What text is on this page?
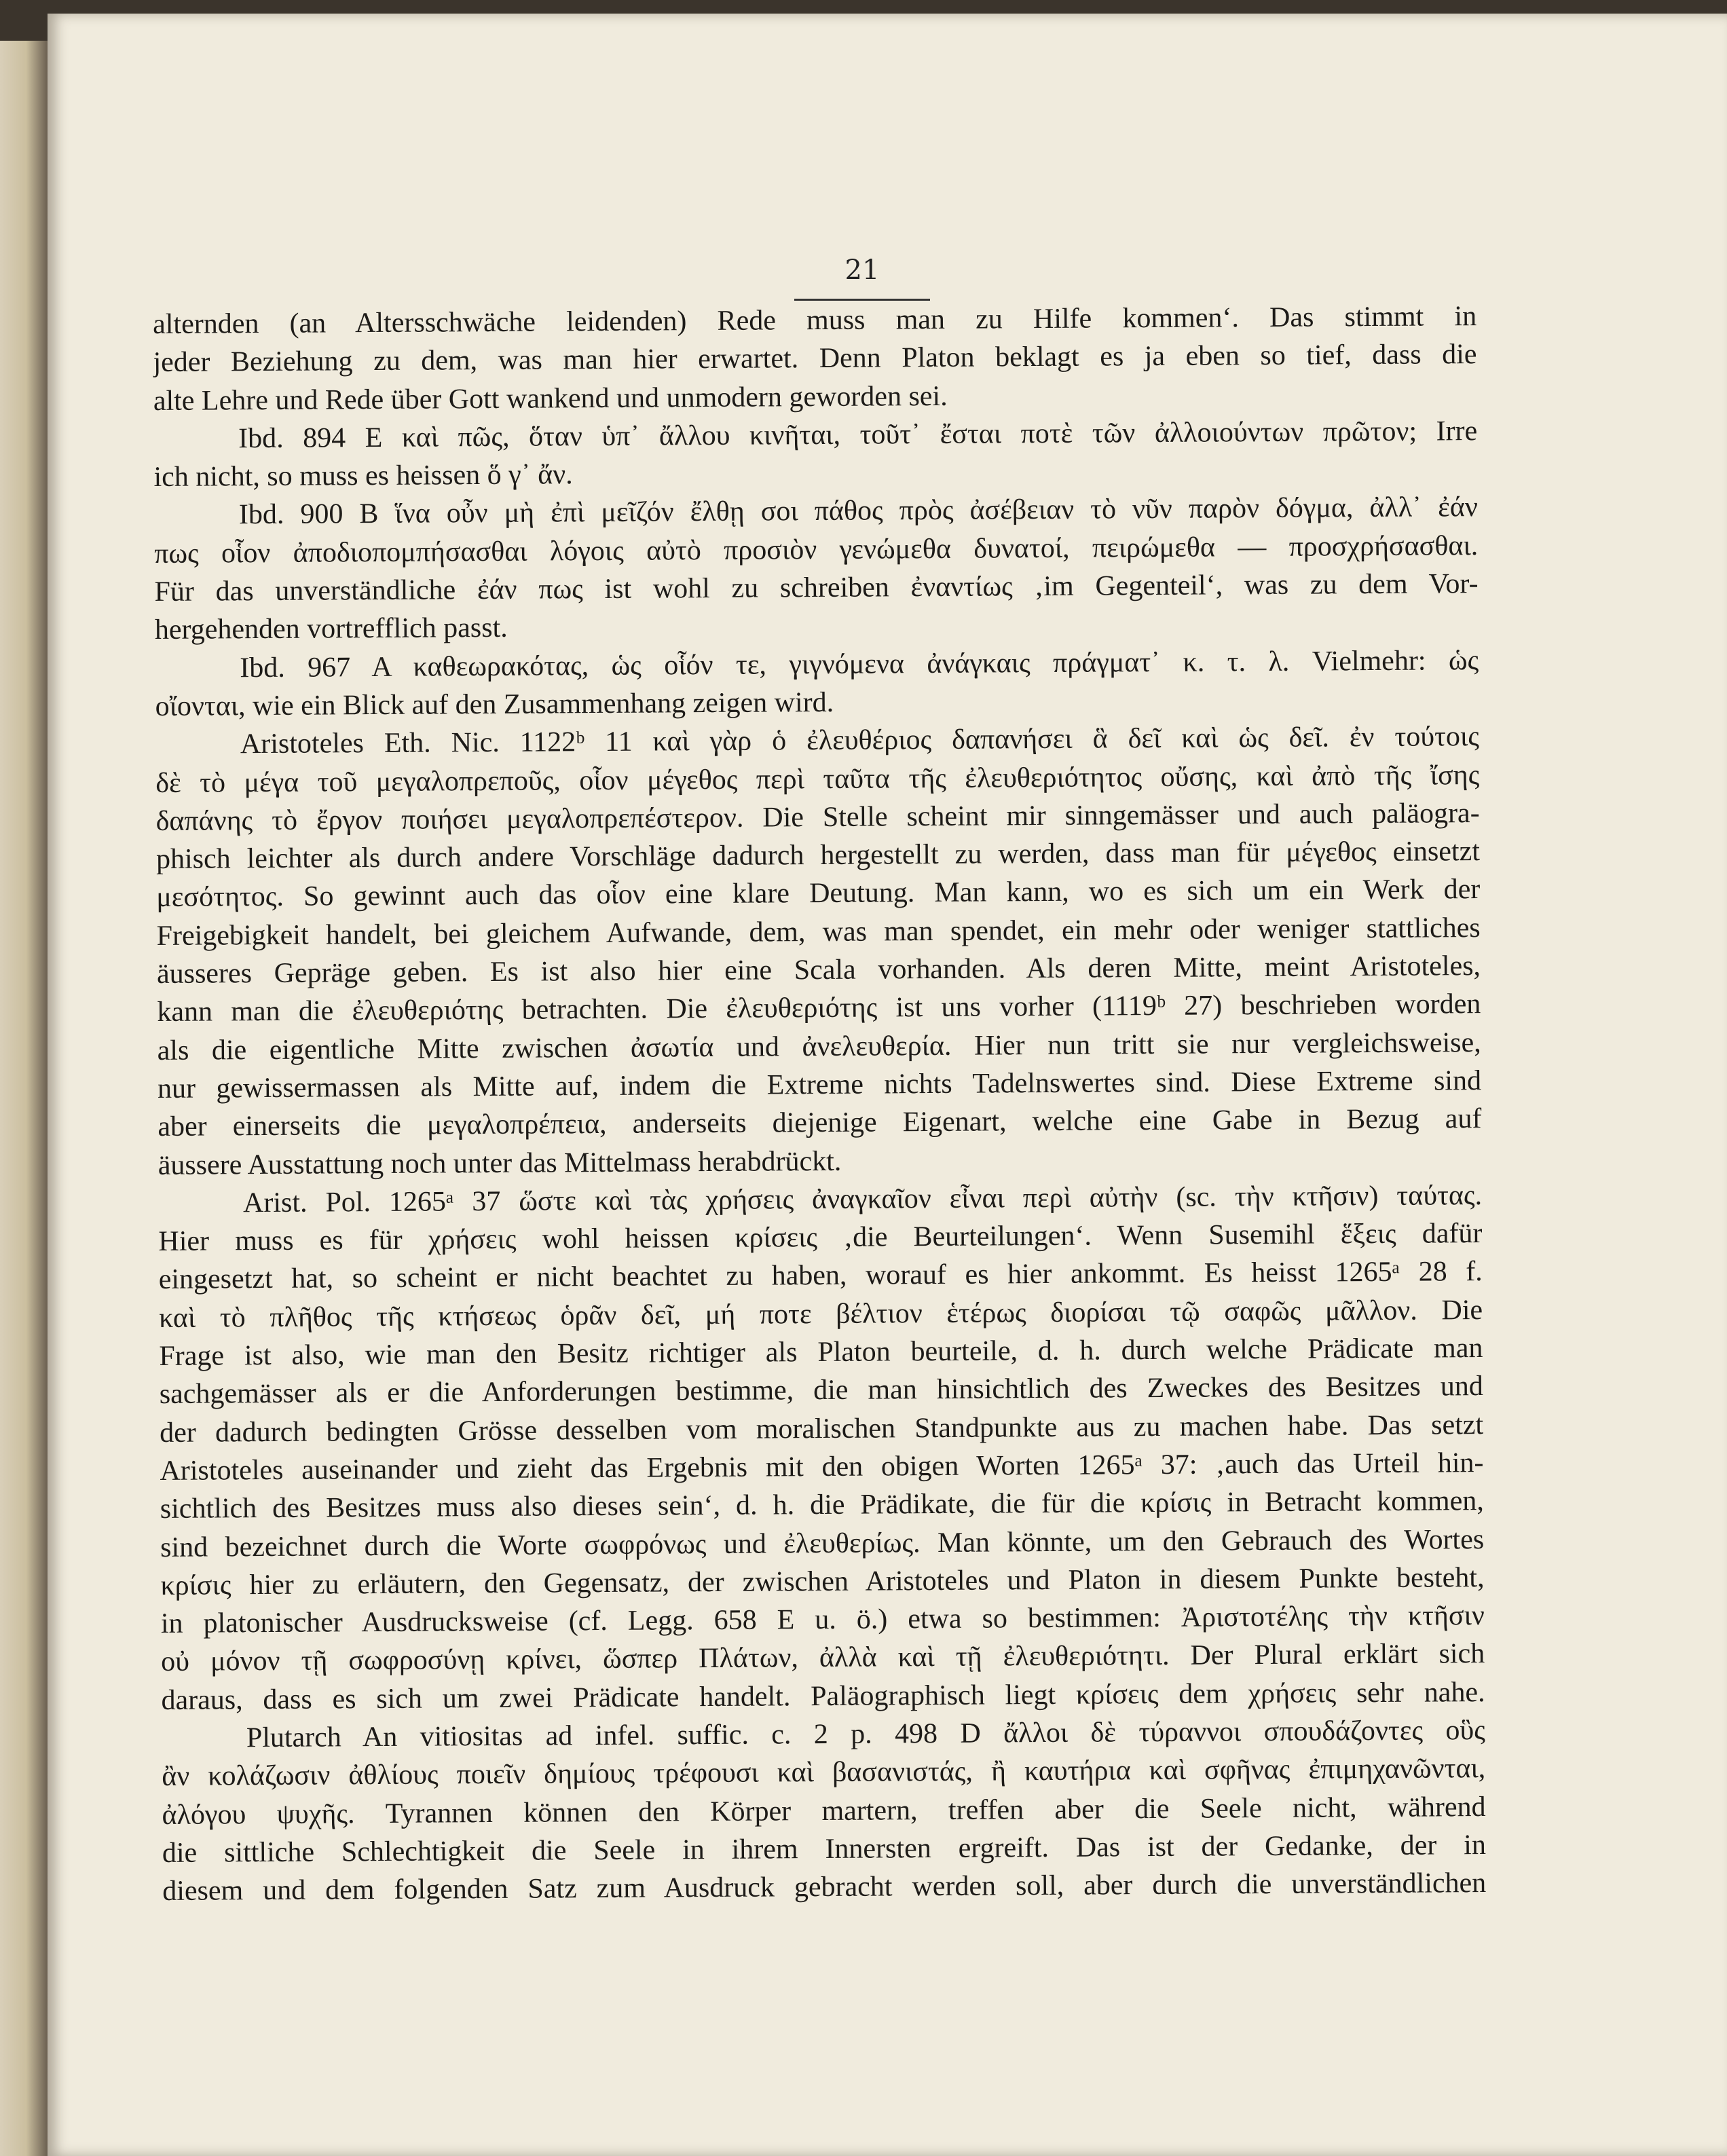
21
alternden (an Altersschwäche leidenden) Rede muss man zu Hilfe kommen‘. Das stimmt in
jeder Beziehung zu dem, was man hier erwartet. Denn Platon beklagt es ja eben so tief, dass die
alte Lehre und Rede über Gott wankend und unmodern geworden sei.
Ibd. 894 E καὶ πῶς, ὅταν ὑπ᾽ ἄλλου κινῆται, τοῦτ᾽ ἔσται ποτὲ τῶν ἀλλοιούντων πρῶτον; Irre
ich nicht, so muss es heissen ὅ γ᾽ ἄν.
Ibd. 900 B ἵνα οὖν μὴ ἐπὶ μεῖζόν ἔλθῃ σοι πάθος πρὸς ἀσέβειαν τὸ νῦν παρὸν δόγμα, ἀλλ᾽ ἐάν
πως οἷον ἀποδιοπομπήσασθαι λόγοις αὐτὸ προσιὸν γενώμεθα δυνατοί, πειρώμεθα — προσχρήσασθαι.
Für das unverständliche ἐάν πως ist wohl zu schreiben ἐναντίως ‚im Gegenteil‘, was zu dem Vor-
hergehenden vortrefflich passt.
Ibd. 967 A καθεωρακότας, ὡς οἷόν τε, γιγνόμενα ἀνάγκαις πράγματ᾽ κ. τ. λ. Vielmehr: ὡς
οἴονται, wie ein Blick auf den Zusammenhang zeigen wird.
Aristoteles Eth. Nic. 1122ᵇ 11 καὶ γὰρ ὁ ἐλευθέριος δαπανήσει ἃ δεῖ καὶ ὡς δεῖ. ἐν τούτοις
δὲ τὸ μέγα τοῦ μεγαλοπρεποῦς, οἷον μέγεθος περὶ ταῦτα τῆς ἐλευθεριότητος οὔσης, καὶ ἀπὸ τῆς ἴσης
δαπάνης τὸ ἔργον ποιήσει μεγαλοπρεπέστερον. Die Stelle scheint mir sinngemässer und auch paläogra-
phisch leichter als durch andere Vorschläge dadurch hergestellt zu werden, dass man für μέγεθος einsetzt
μεσότητος. So gewinnt auch das οἷον eine klare Deutung. Man kann, wo es sich um ein Werk der
Freigebigkeit handelt, bei gleichem Aufwande, dem, was man spendet, ein mehr oder weniger stattliches
äusseres Gepräge geben. Es ist also hier eine Scala vorhanden. Als deren Mitte, meint Aristoteles,
kann man die ἐλευθεριότης betrachten. Die ἐλευθεριότης ist uns vorher (1119ᵇ 27) beschrieben worden
als die eigentliche Mitte zwischen ἀσωτία und ἀνελευθερία. Hier nun tritt sie nur vergleichsweise,
nur gewissermassen als Mitte auf, indem die Extreme nichts Tadelnswertes sind. Diese Extreme sind
aber einerseits die μεγαλοπρέπεια, anderseits diejenige Eigenart, welche eine Gabe in Bezug auf
äussere Ausstattung noch unter das Mittelmass herabdrückt.
Arist. Pol. 1265ᵃ 37 ὥστε καὶ τὰς χρήσεις ἀναγκαῖον εἶναι περὶ αὐτὴν (sc. τὴν κτῆσιν) ταύτας.
Hier muss es für χρήσεις wohl heissen κρίσεις ‚die Beurteilungen‘. Wenn Susemihl ἕξεις dafür
eingesetzt hat, so scheint er nicht beachtet zu haben, worauf es hier ankommt. Es heisst 1265ᵃ 28 f.
καὶ τὸ πλῆθος τῆς κτήσεως ὁρᾶν δεῖ, μή ποτε βέλτιον ἑτέρως διορίσαι τῷ σαφῶς μᾶλλον. Die
Frage ist also, wie man den Besitz richtiger als Platon beurteile, d. h. durch welche Prädicate man
sachgemässer als er die Anforderungen bestimme, die man hinsichtlich des Zweckes des Besitzes und
der dadurch bedingten Grösse desselben vom moralischen Standpunkte aus zu machen habe. Das setzt
Aristoteles auseinander und zieht das Ergebnis mit den obigen Worten 1265ᵃ 37: ‚auch das Urteil hin-
sichtlich des Besitzes muss also dieses sein‘, d. h. die Prädikate, die für die κρίσις in Betracht kommen,
sind bezeichnet durch die Worte σωφρόνως und ἐλευθερίως. Man könnte, um den Gebrauch des Wortes
κρίσις hier zu erläutern, den Gegensatz, der zwischen Aristoteles und Platon in diesem Punkte besteht,
in platonischer Ausdrucksweise (cf. Legg. 658 E u. ö.) etwa so bestimmen: Ἀριστοτέλης τὴν κτῆσιν
οὐ μόνον τῇ σωφροσύνῃ κρίνει, ὥσπερ Πλάτων, ἀλλὰ καὶ τῇ ἐλευθεριότητι. Der Plural erklärt sich
daraus, dass es sich um zwei Prädicate handelt. Paläographisch liegt κρίσεις dem χρήσεις sehr nahe.
Plutarch An vitiositas ad infel. suffic. c. 2 p. 498 D ἄλλοι δὲ τύραννοι σπουδάζοντες οὓς
ἂν κολάζωσιν ἀθλίους ποιεῖν δημίους τρέφουσι καὶ βασανιστάς, ἢ καυτήρια καὶ σφῆνας ἐπιμηχανῶνται,
ἀλόγου ψυχῆς. Tyrannen können den Körper martern, treffen aber die Seele nicht, während
die sittliche Schlechtigkeit die Seele in ihrem Innersten ergreift. Das ist der Gedanke, der in
diesem und dem folgenden Satz zum Ausdruck gebracht werden soll, aber durch die unverständlichen
